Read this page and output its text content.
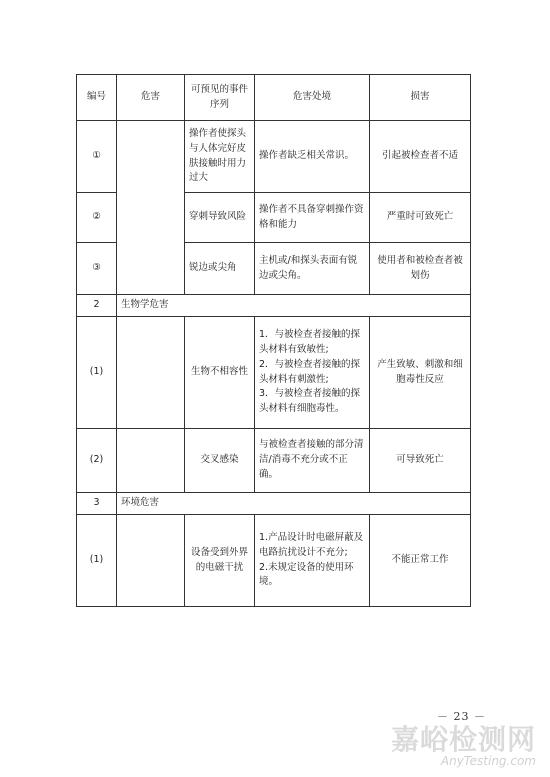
编号	危害	可预见的事件序列	危害处境	损害
①		操作者使探头与人体完好皮肤接触时用力过大	操作者缺乏相关常识。	引起被检查者不适
②		穿刺导致风险	操作者不具备穿刺操作资格和能力	严重时可致死亡
③		锐边或尖角	主机或/和探头表面有锐边或尖角。	使用者和被检查者被划伤
2	生物学危害			
(1)		生物不相容性	1．与被检查者接触的探头材料有致敏性;
2．与被检查者接触的探头材料有刺激性;
3．与被检查者接触的探头材料有细胞毒性。	产生致敏、刺激和细胞毒性反应
(2)		交叉感染	与被检查者接触的部分清洁/消毒不充分或不正确。	可导致死亡
3	环境危害			
(1)		设备受到外界的电磁干扰	1.产品设计时电磁屏蔽及电路抗扰设计不充分;
2.未规定设备的使用环境。	不能正常工作
－ 23 －
嘉峪检测网
AnyTesting.com
